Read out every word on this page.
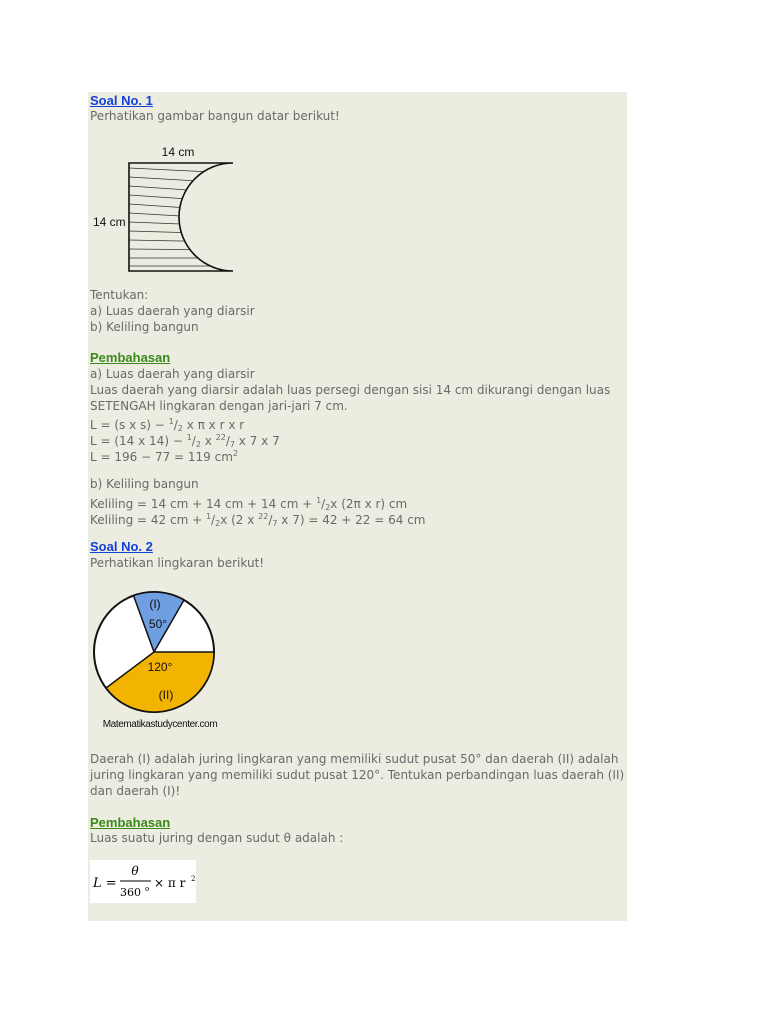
Soal No. 1
Perhatikan gambar bangun datar berikut!
14 cm
14 cm
Tentukan:
a) Luas daerah yang diarsir
b) Keliling bangun
Pembahasan
a) Luas daerah yang diarsir
Luas daerah yang diarsir adalah luas persegi dengan sisi 14 cm dikurangi dengan luas
SETENGAH lingkaran dengan jari-jari 7 cm.
L = (s x $s) - ^1/_2$ x π x r x r
L = (14 x $14) - ^1/_2$ x $^{22}/_7$ x 7 x 7
L = 196 − 77 = 119 $cm^2$
b) Keliling bangun
Keliling = 14 cm + 14 cm + 14 cm + $^1/_2x$ (2π x r) cm
Keliling = 42 cm + $^1/_2x$ (2 x $^{22}/_7$ x 7) = 42 + 22 = 64 cm
Soal No. 2
Perhatikan lingkaran berikut!
(I)
50°
120°
(II)
Matematikastudycenter.com
Daerah (I) adalah juring lingkaran yang memiliki sudut pusat 50° dan daerah (II) adalah
juring lingkaran yang memiliki sudut pusat 120°. Tentukan perbandingan luas daerah (II)
dan daerah (I)!
Pembahasan
Luas suatu juring dengan sudut θ adalah :
L =
θ
360 o × π r 2
